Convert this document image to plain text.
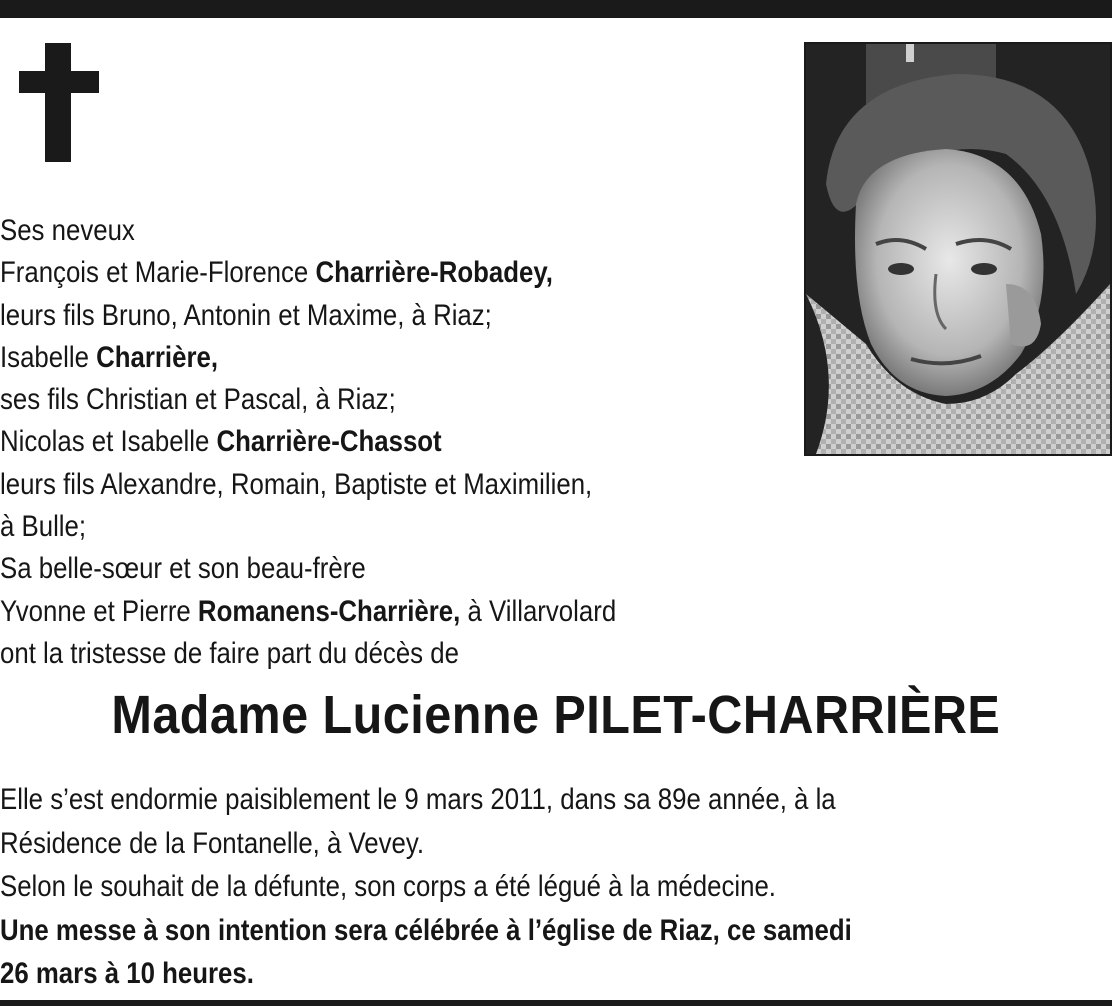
Ses neveux
François et Marie-Florence Charrière-Robadey,
leurs fils Bruno, Antonin et Maxime, à Riaz;
Isabelle Charrière,
ses fils Christian et Pascal, à Riaz;
Nicolas et Isabelle Charrière-Chassot
leurs fils Alexandre, Romain, Baptiste et Maximilien,
à Bulle;
Sa belle-sœur et son beau-frère
Yvonne et Pierre Romanens-Charrière, à Villarvolard
ont la tristesse de faire part du décès de
Madame Lucienne PILET-CHARRIÈRE
Elle s’est endormie paisiblement le 9 mars 2011, dans sa 89e année, à la
Résidence de la Fontanelle, à Vevey.
Selon le souhait de la défunte, son corps a été légué à la médecine.
Une messe à son intention sera célébrée à l’église de Riaz, ce samedi
26 mars à 10 heures.
